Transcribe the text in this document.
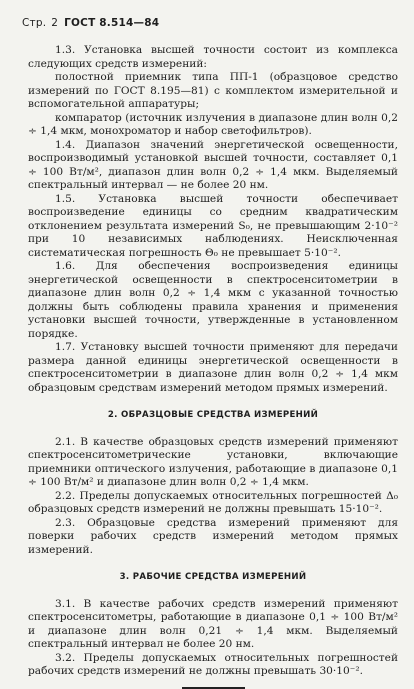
Стр. 2 ГОСТ 8.514—84

1.3. Установка высшей точности состоит из комплекса следующих средств измерений:

полостной приемник типа ПП-1 (образцовое средство измерений по ГОСТ 8.195—81) с комплектом измерительной и вспомогательной аппаратуры;

компаратор (источник излучения в диапазоне длин волн 0,2 ÷ 1,4 мкм, монохроматор и набор светофильтров).

1.4. Диапазон значений энергетической освещенности, воспроизводимый установкой высшей точности, составляет 0,1 ÷ 100 Вт/м², диапазон длин волн 0,2 ÷ 1,4 мкм. Выделяемый спектральный интервал — не более 20 нм.

1.5. Установка высшей точности обеспечивает воспроизведение единицы со средним квадратическим отклонением результата измерений S₀, не превышающим 2·10⁻² при 10 независимых наблюдениях. Неисключенная систематическая погрешность Θ₀ не превышает 5·10⁻².

1.6. Для обеспечения воспроизведения единицы энергетической освещенности в спектросенситометрии в диапазоне длин волн 0,2 ÷ 1,4 мкм с указанной точностью должны быть соблюдены правила хранения и применения установки высшей точности, утвержденные в установленном порядке.

1.7. Установку высшей точности применяют для передачи размера данной единицы энергетической освещенности в спектросенситометрии в диапазоне длин волн 0,2 ÷ 1,4 мкм образцовым средствам измерений методом прямых измерений.

2. ОБРАЗЦОВЫЕ СРЕДСТВА ИЗМЕРЕНИЙ

2.1. В качестве образцовых средств измерений применяют спектросенситометрические установки, включающие приемники оптического излучения, работающие в диапазоне 0,1 ÷ 100 Вт/м² и диапазоне длин волн 0,2 ÷ 1,4 мкм.

2.2. Пределы допускаемых относительных погрешностей Δ₀ образцовых средств измерений не должны превышать 15·10⁻².

2.3. Образцовые средства измерений применяют для поверки рабочих средств измерений методом прямых измерений.

3. РАБОЧИЕ СРЕДСТВА ИЗМЕРЕНИЙ

3.1. В качестве рабочих средств измерений применяют спектросенситометры, работающие в диапазоне 0,1 ÷ 100 Вт/м² и диапазоне длин волн 0,21 ÷ 1,4 мкм. Выделяемый спектральный интервал не более 20 нм.

3.2. Пределы допускаемых относительных погрешностей рабочих средств измерений не должны превышать 30·10⁻².
